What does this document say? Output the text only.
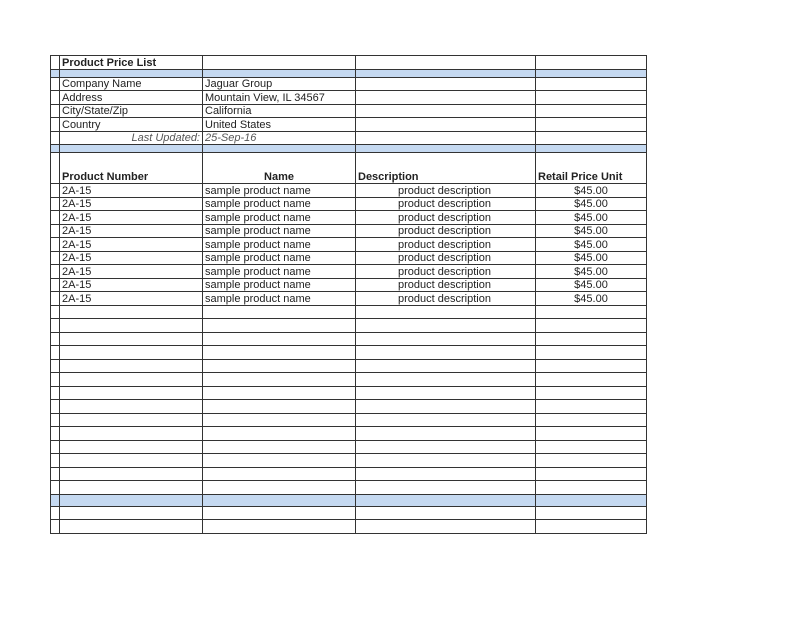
	Product Price List			

	Company Name	Jaguar Group		
	Address	Mountain View, IL 34567		
	City/State/Zip	California		
	Country	United States		
	Last Updated:	25-Sep-16		

	Product Number	Name	Description	Retail Price Unit
	2A-15	sample product name	product description	$45.00
	2A-15	sample product name	product description	$45.00
	2A-15	sample product name	product description	$45.00
	2A-15	sample product name	product description	$45.00
	2A-15	sample product name	product description	$45.00
	2A-15	sample product name	product description	$45.00
	2A-15	sample product name	product description	$45.00
	2A-15	sample product name	product description	$45.00
	2A-15	sample product name	product description	$45.00
